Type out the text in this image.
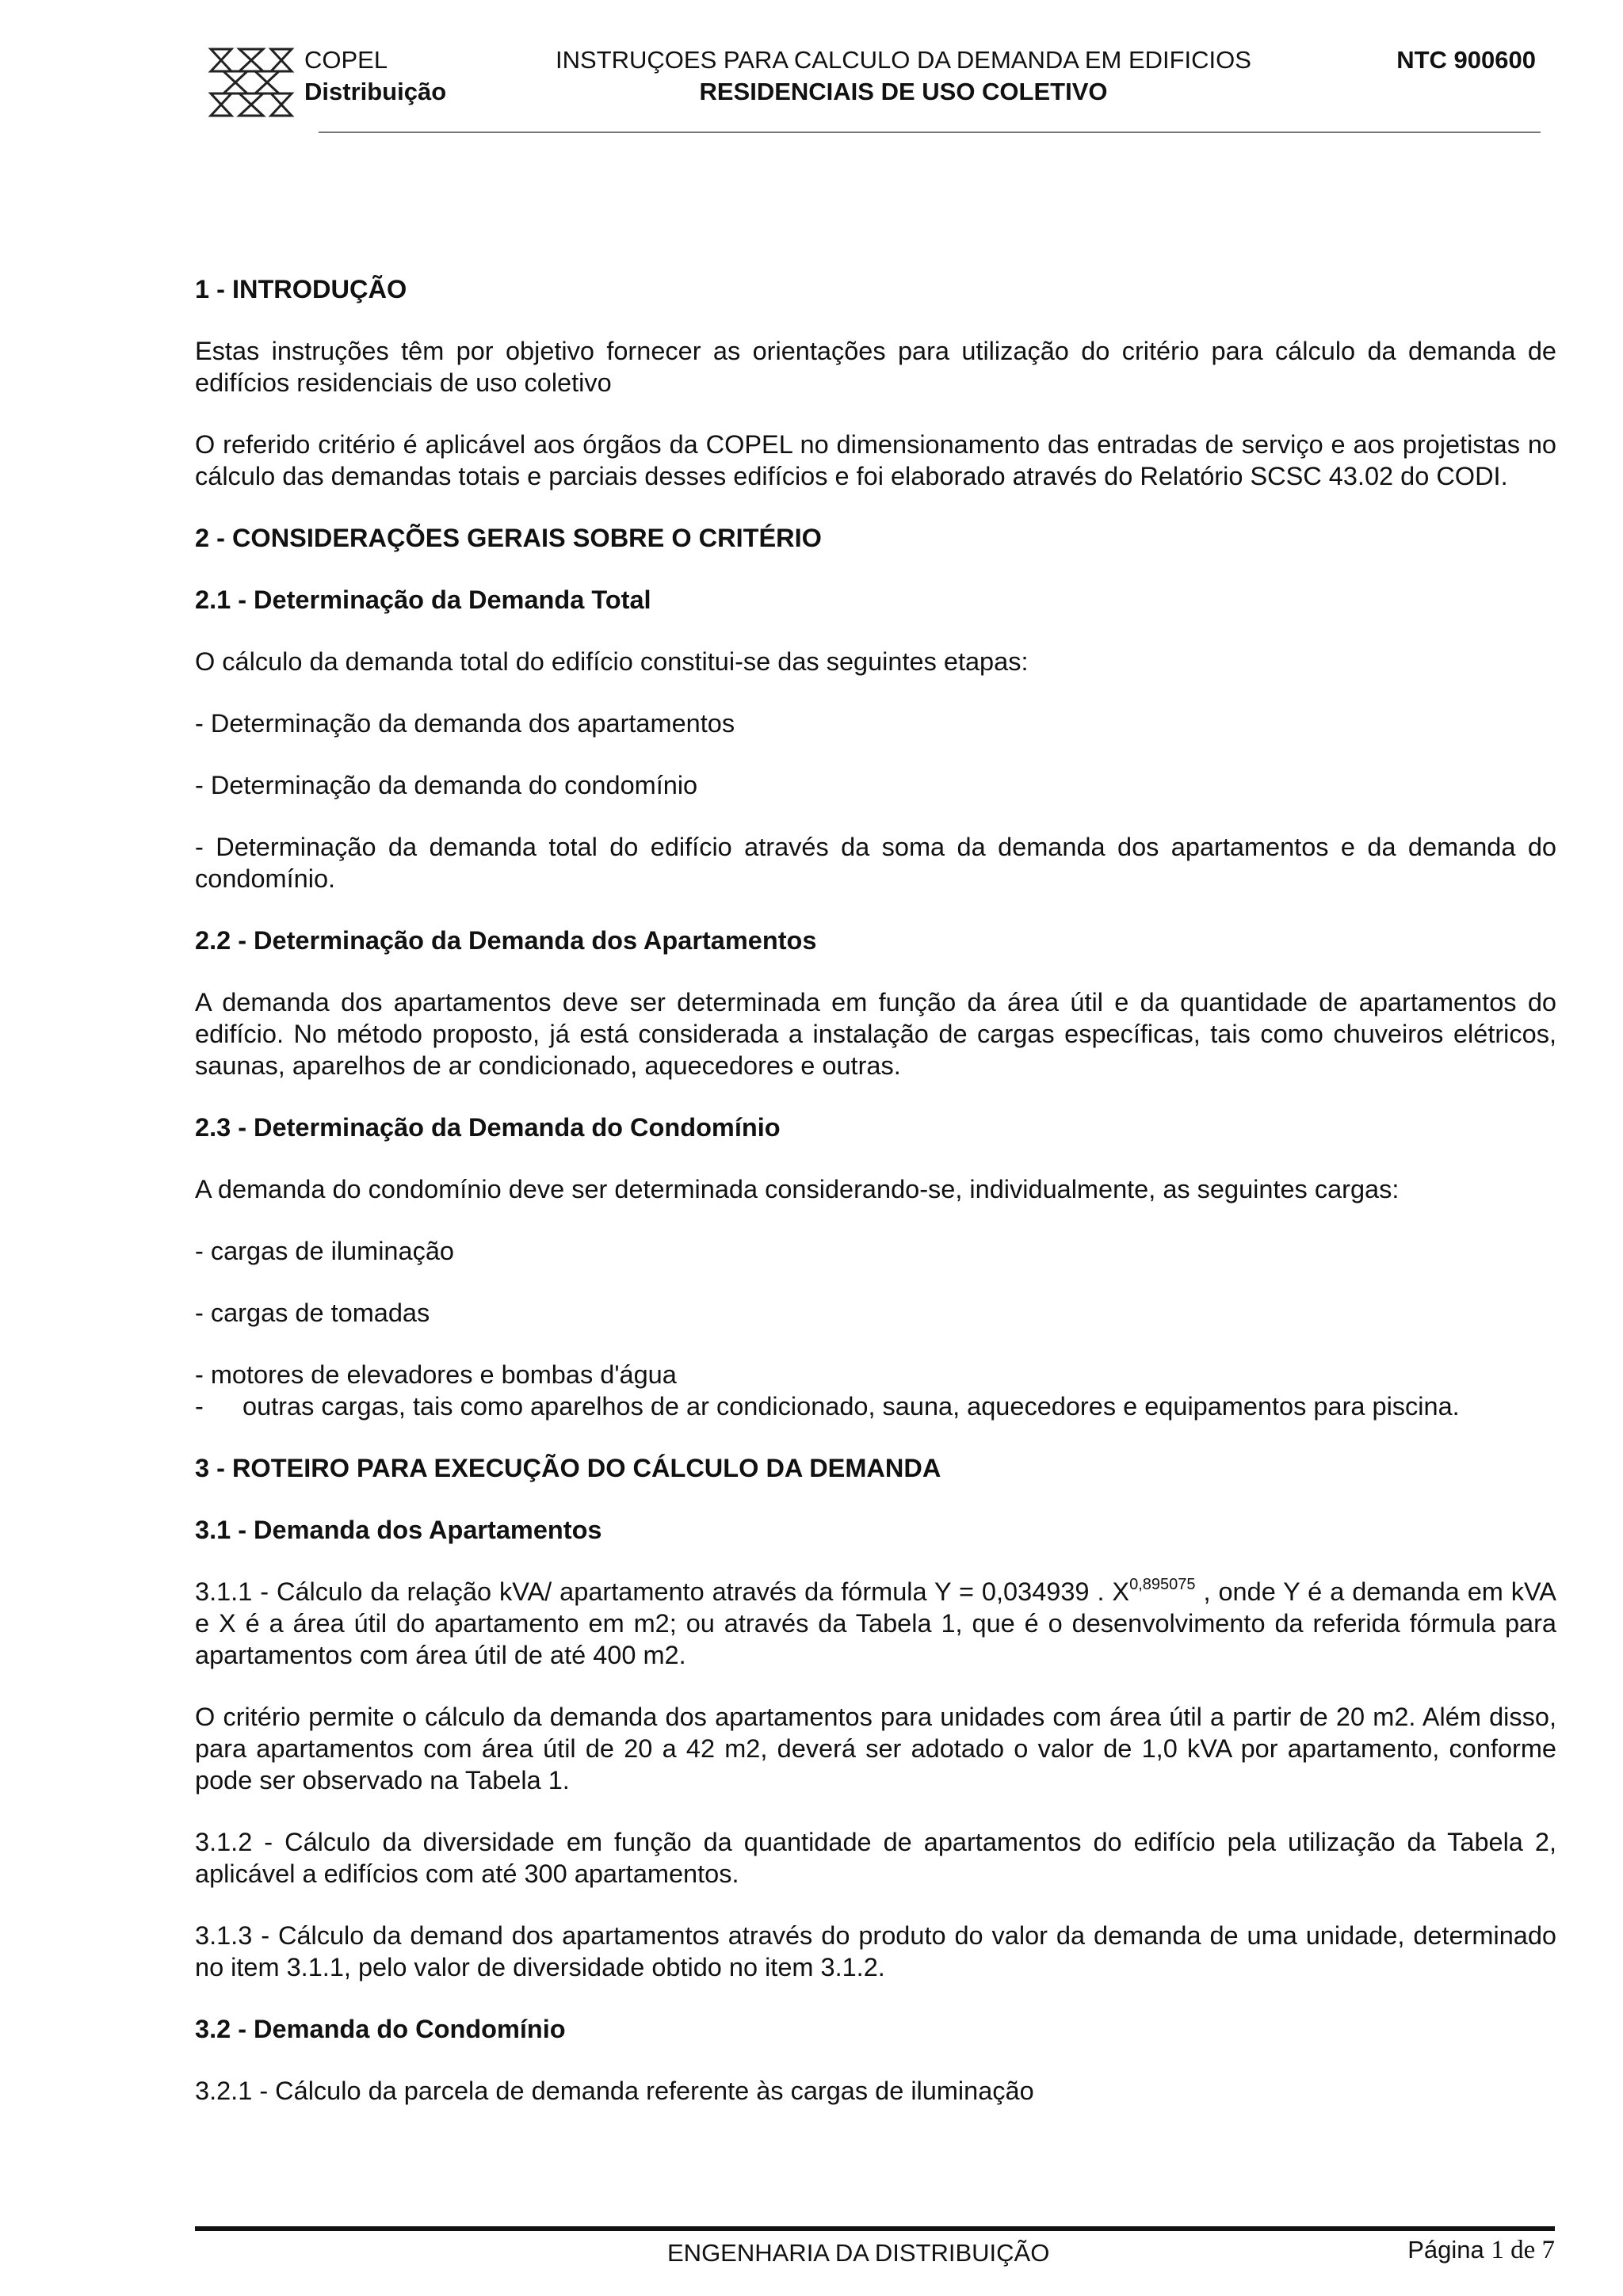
COPEL
Distribuição
INSTRUÇOES PARA CALCULO DA DEMANDA EM EDIFICIOS
RESIDENCIAIS DE USO COLETIVO
NTC 900600
1 - INTRODUÇÃO

Estas instruções têm por objetivo fornecer as orientações para utilização do critério para cálculo da demanda de edifícios residenciais de uso coletivo

O referido critério é aplicável aos órgãos da COPEL no dimensionamento das entradas de serviço e aos projetistas no cálculo das demandas totais e parciais desses edifícios e foi elaborado através do Relatório SCSC 43.02 do CODI.

2 - CONSIDERAÇÕES GERAIS SOBRE O CRITÉRIO
2.1 - Determinação da Demanda Total

O cálculo da demanda total do edifício constitui-se das seguintes etapas:

- Determinação da demanda dos apartamentos

- Determinação da demanda do condomínio

- Determinação da demanda total do edifício através da soma da demanda dos apartamentos e da demanda do condomínio.

2.2 - Determinação da Demanda dos Apartamentos

A demanda dos apartamentos deve ser determinada em função da área útil e da quantidade de apartamentos do edifício. No método proposto, já está considerada a instalação de cargas específicas, tais como chuveiros elétricos, saunas, aparelhos de ar condicionado, aquecedores e outras.

2.3 - Determinação da Demanda do Condomínio

A demanda do condomínio deve ser determinada considerando-se, individualmente, as seguintes cargas:

- cargas de iluminação

- cargas de tomadas

- motores de elevadores e bombas d'água

-	outras cargas, tais como aparelhos de ar condicionado, sauna, aquecedores e equipamentos para piscina.

3 - ROTEIRO PARA EXECUÇÃO DO CÁLCULO DA DEMANDA
3.1 - Demanda dos Apartamentos

3.1.1 - Cálculo da relação kVA/ apartamento através da fórmula Y = 0,034939 . $X^{0,895075}$ , onde Y é a demanda em kVA e X é a área útil do apartamento em m2; ou através da Tabela 1, que é o desenvolvimento da referida fórmula para apartamentos com área útil de até 400 m2.

O critério permite o cálculo da demanda dos apartamentos para unidades com área útil a partir de 20 m2. Além disso, para apartamentos com área útil de 20 a 42 m2, deverá ser adotado o valor de 1,0 kVA por apartamento, conforme pode ser observado na Tabela 1.

3.1.2 - Cálculo da diversidade em função da quantidade de apartamentos do edifício pela utilização da Tabela 2, aplicável a edifícios com até 300 apartamentos.

3.1.3 - Cálculo da demand dos apartamentos através do produto do valor da demanda de uma unidade, determinado no item 3.1.1, pelo valor de diversidade obtido no item 3.1.2.

3.2 - Demanda do Condomínio

3.2.1 - Cálculo da parcela de demanda referente às cargas de iluminação

ENGENHARIA DA DISTRIBUIÇÃO	Página 1 de 7
